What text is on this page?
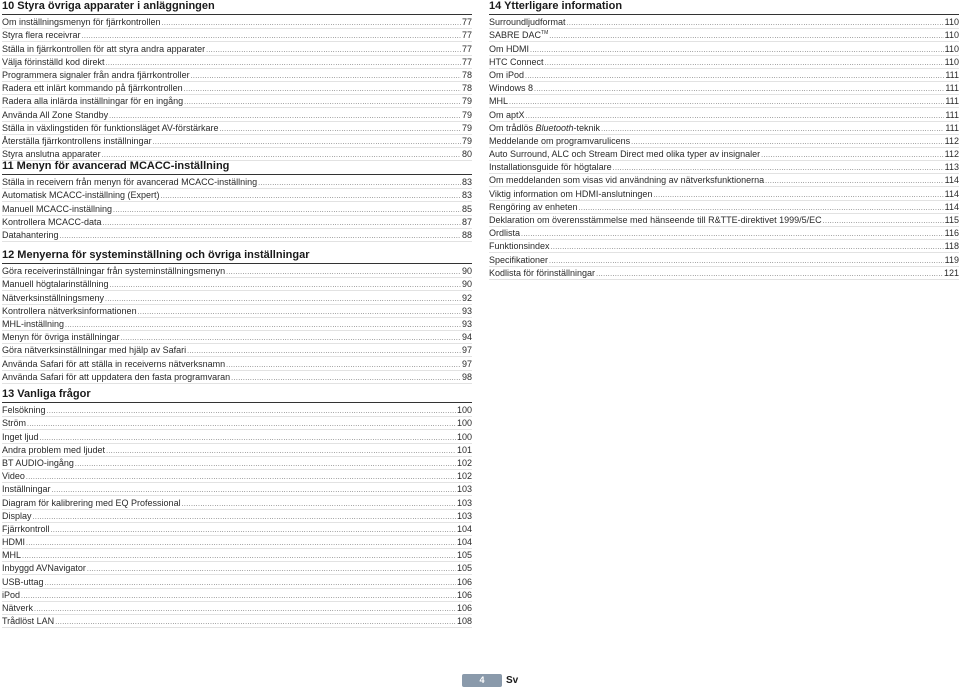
10 Styra övriga apparater i anläggningen
Om inställningsmenyn för fjärrkontrollen .....	77
Styra flera receivrar .....	77
Ställa in fjärrkontrollen för att styra andra apparater .....	77
Välja förinställd kod direkt .....	77
Programmera signaler från andra fjärrkontroller .....	78
Radera ett inlärt kommando på fjärrkontrollen .....	78
Radera alla inlärda inställningar för en ingång .....	79
Använda All Zone Standby .....	79
Ställa in växlingstiden för funktionsläget AV-förstärkare .....	79
Återställa fjärrkontrollens inställningar .....	79
Styra anslutna apparater .....	80
11 Menyn för avancerad MCACC-inställning
Ställa in receivern från menyn för avancerad MCACC-inställning .....	83
Automatisk MCACC-inställning (Expert) .....	83
Manuell MCACC-inställning .....	85
Kontrollera MCACC-data .....	87
Datahantering .....	88
12 Menyerna för systeminställning och övriga inställningar
Göra receiverinställningar från systeminställningsmenyn .....	90
Manuell högtalarinställning .....	90
Nätverksinställningsmeny .....	92
Kontrollera nätverksinformationen .....	93
MHL-inställning .....	93
Menyn för övriga inställningar .....	94
Göra nätverksinställningar med hjälp av Safari .....	97
Använda Safari för att ställa in receiverns nätverksnamn .....	97
Använda Safari för att uppdatera den fasta programvaran .....	98
13 Vanliga frågor
Felsökning .....	100
Ström .....	100
Inget ljud .....	100
Andra problem med ljudet .....	101
BT AUDIO-ingång .....	102
Video .....	102
Inställningar .....	103
Diagram för kalibrering med EQ Professional .....	103
Display .....	103
Fjärrkontroll .....	104
HDMI .....	104
MHL .....	105
Inbyggd AVNavigator .....	105
USB-uttag .....	106
iPod .....	106
Nätverk .....	106
Trådlöst LAN .....	108
14 Ytterligare information
Surroundljudformat .....	110
SABRE DAC™ .....	110
Om HDMI .....	110
HTC Connect .....	110
Om iPod .....	111
Windows 8 .....	111
MHL .....	111
Om aptX .....	111
Om trådlös Bluetooth-teknik .....	111
Meddelande om programvarulicens .....	112
Auto Surround, ALC och Stream Direct med olika typer av insignaler .....	112
Installationsguide för högtalare .....	113
Om meddelanden som visas vid användning av nätverksfunktionerna .....	114
Viktig information om HDMI-anslutningen .....	114
Rengöring av enheten .....	114
Deklaration om överensstämmelse med hänseende till R&TTE-direktivet 1999/5/EC .....	115
Ordlista .....	116
Funktionsindex .....	118
Specifikationer .....	119
Kodlista för förinställningar .....	121
4	Sv
